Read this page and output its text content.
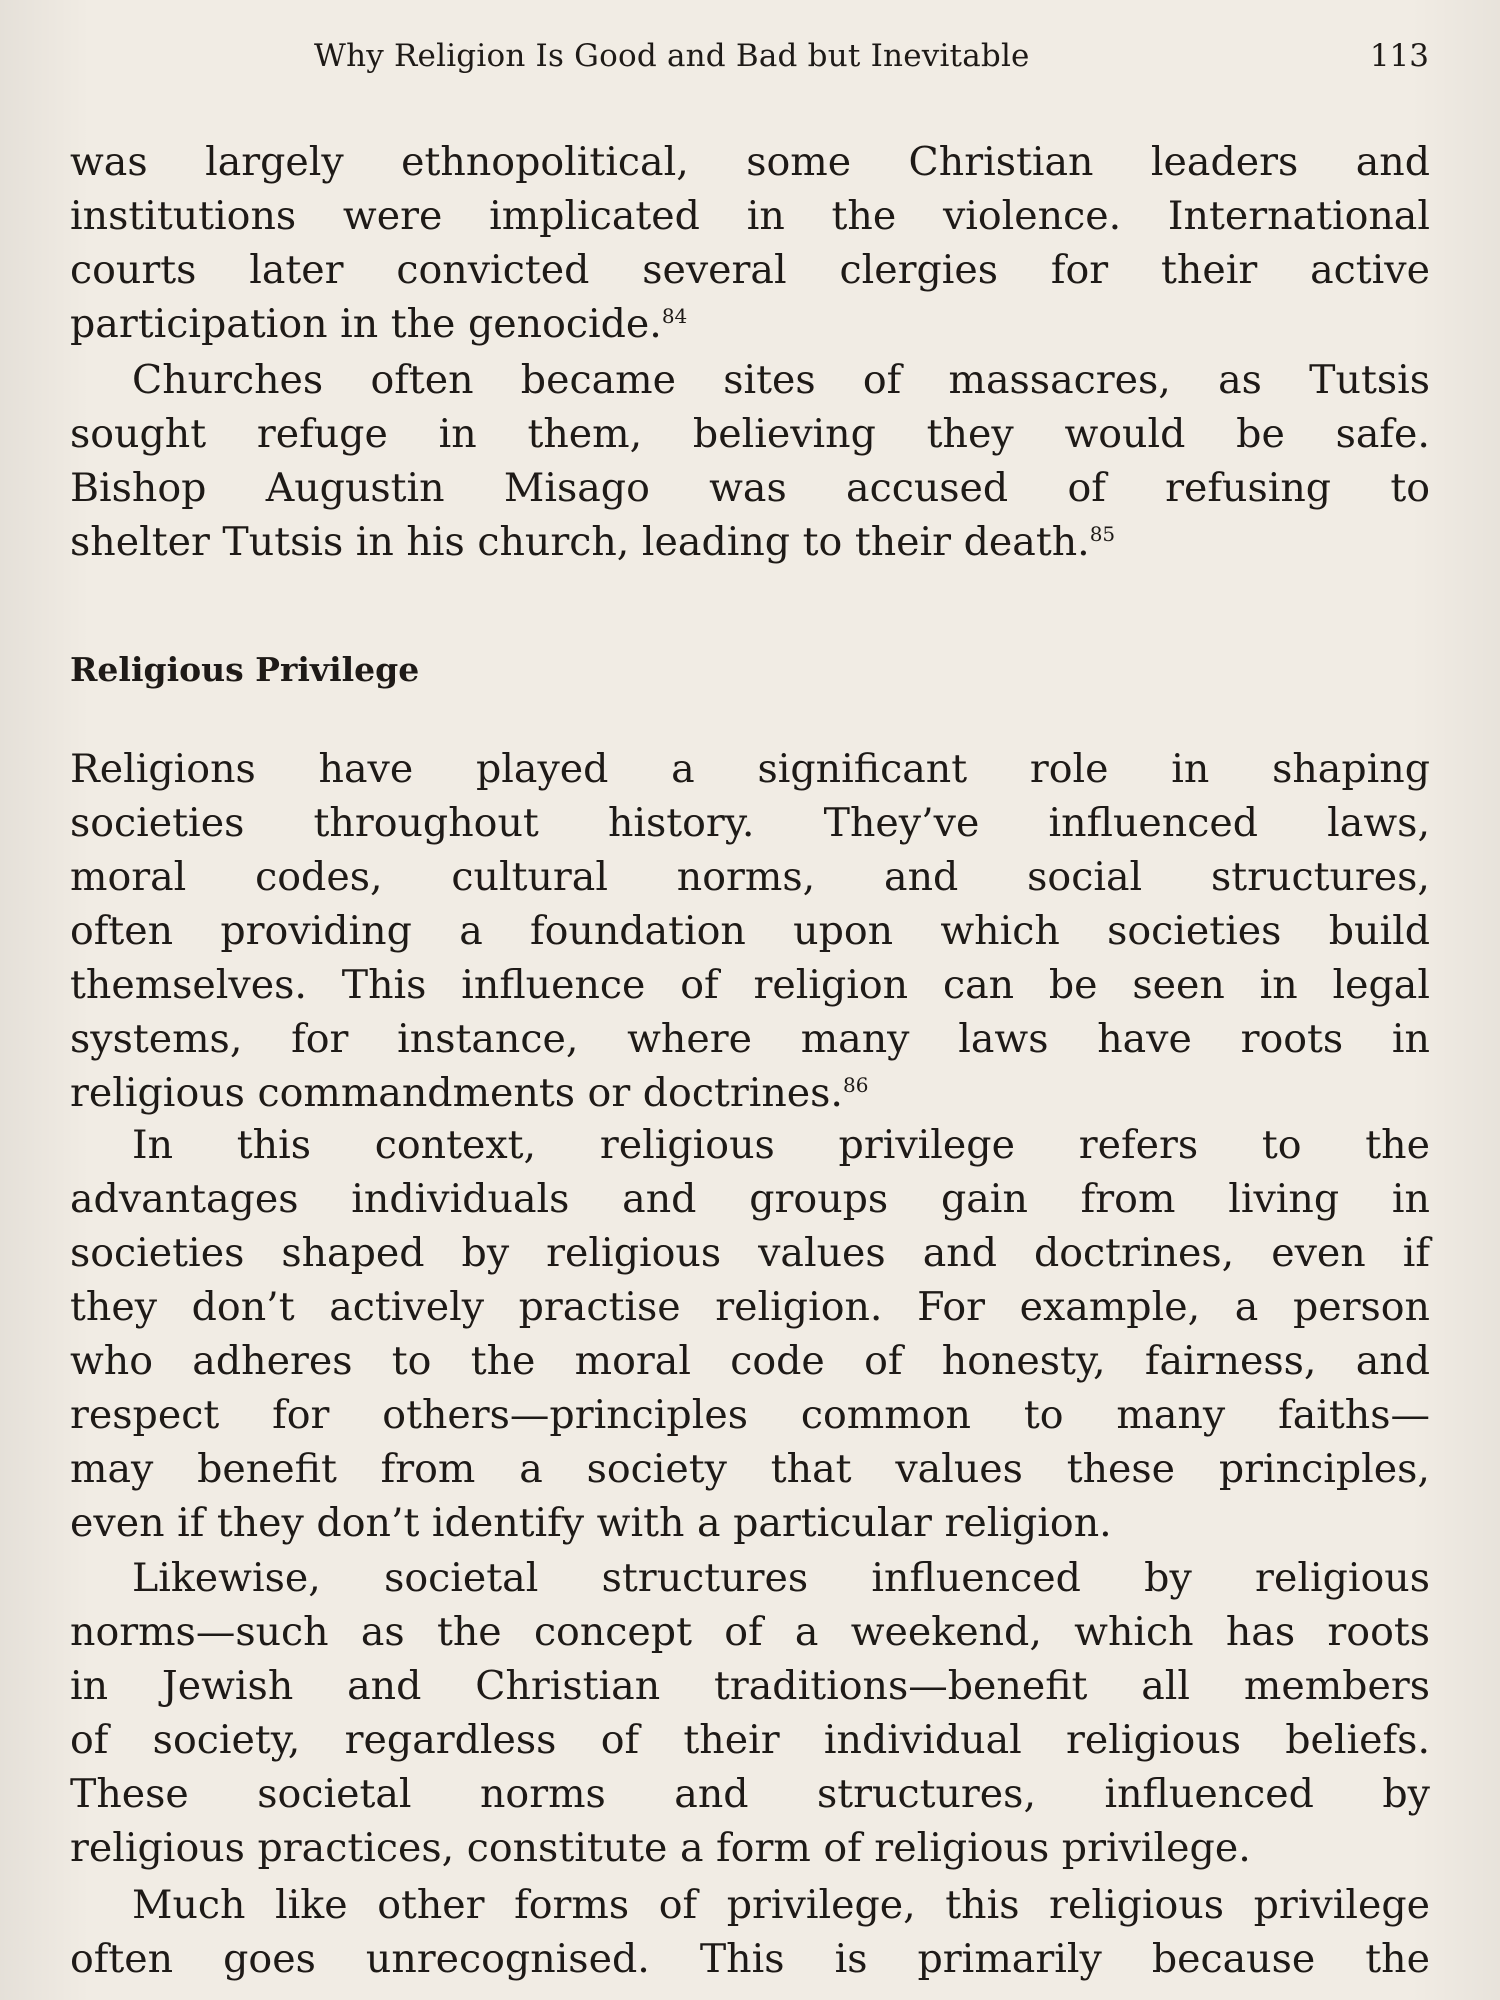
Why Religion Is Good and Bad but Inevitable	113
was largely ethnopolitical, some Christian leaders and
institutions were implicated in the violence. International
courts later convicted several clergies for their active
participation in the genocide.$^{84}$
Churches often became sites of massacres, as Tutsis
sought refuge in them, believing they would be safe.
Bishop Augustin Misago was accused of refusing to
shelter Tutsis in his church, leading to their death.$^{85}$
Religious Privilege
Religions have played a significant role in shaping
societies throughout history. They’ve influenced laws,
moral codes, cultural norms, and social structures,
often providing a foundation upon which societies build
themselves. This influence of religion can be seen in legal
systems, for instance, where many laws have roots in
religious commandments or doctrines.$^{86}$
In this context, religious privilege refers to the
advantages individuals and groups gain from living in
societies shaped by religious values and doctrines, even if
they don’t actively practise religion. For example, a person
who adheres to the moral code of honesty, fairness, and
respect for others—principles common to many faiths—
may benefit from a society that values these principles,
even if they don’t identify with a particular religion.
Likewise, societal structures influenced by religious
norms—such as the concept of a weekend, which has roots
in Jewish and Christian traditions—benefit all members
of society, regardless of their individual religious beliefs.
These societal norms and structures, influenced by
religious practices, constitute a form of religious privilege.
Much like other forms of privilege, this religious privilege
often goes unrecognised. This is primarily because the
